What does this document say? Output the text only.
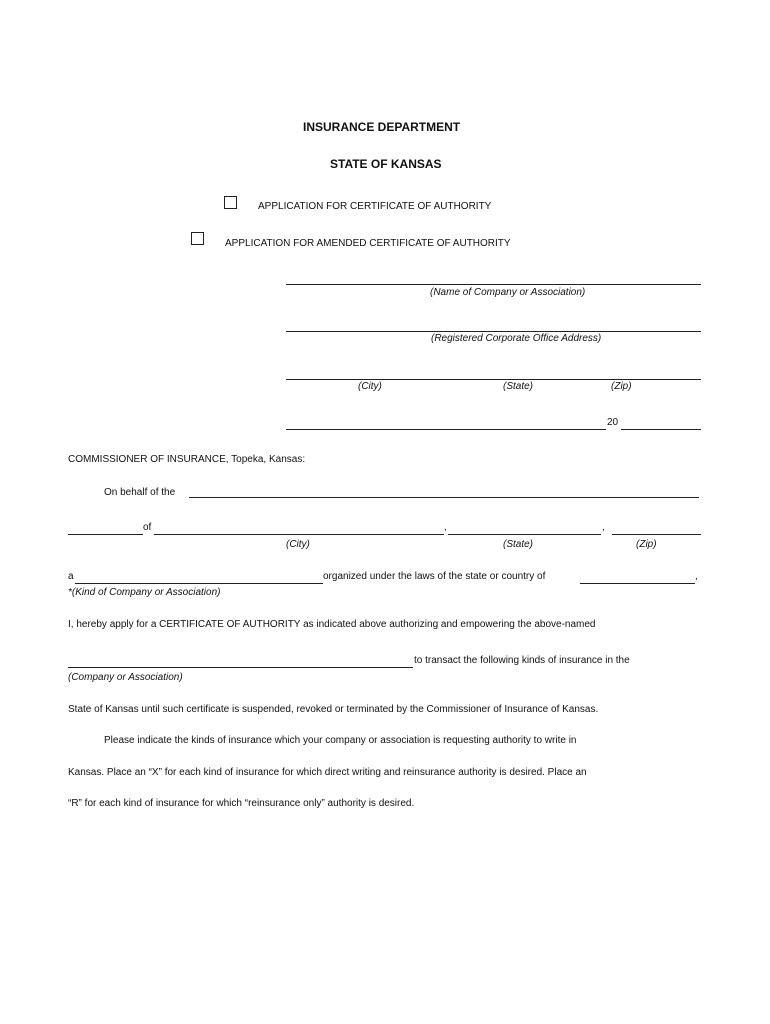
INSURANCE DEPARTMENT
STATE OF KANSAS
APPLICATION FOR CERTIFICATE OF AUTHORITY
APPLICATION FOR AMENDED CERTIFICATE OF AUTHORITY
(Name of Company or Association)
(Registered Corporate Office Address)
(City)	(State)	(Zip)
20
COMMISSIONER OF INSURANCE, Topeka, Kansas:
On behalf of the
of	,	,
(City)	(State)	(Zip)
a	organized under the laws of the state or country of	,
*(Kind of Company or Association)
I, hereby apply for a CERTIFICATE OF AUTHORITY as indicated above authorizing and empowering the above-named
to transact the following kinds of insurance in the
(Company or Association)
State of Kansas until such certificate is suspended, revoked or terminated by the Commissioner of Insurance of Kansas.
Please indicate the kinds of insurance which your company or association is requesting authority to write in
Kansas. Place an “X” for each kind of insurance for which direct writing and reinsurance authority is desired. Place an
“R” for each kind of insurance for which “reinsurance only” authority is desired.
